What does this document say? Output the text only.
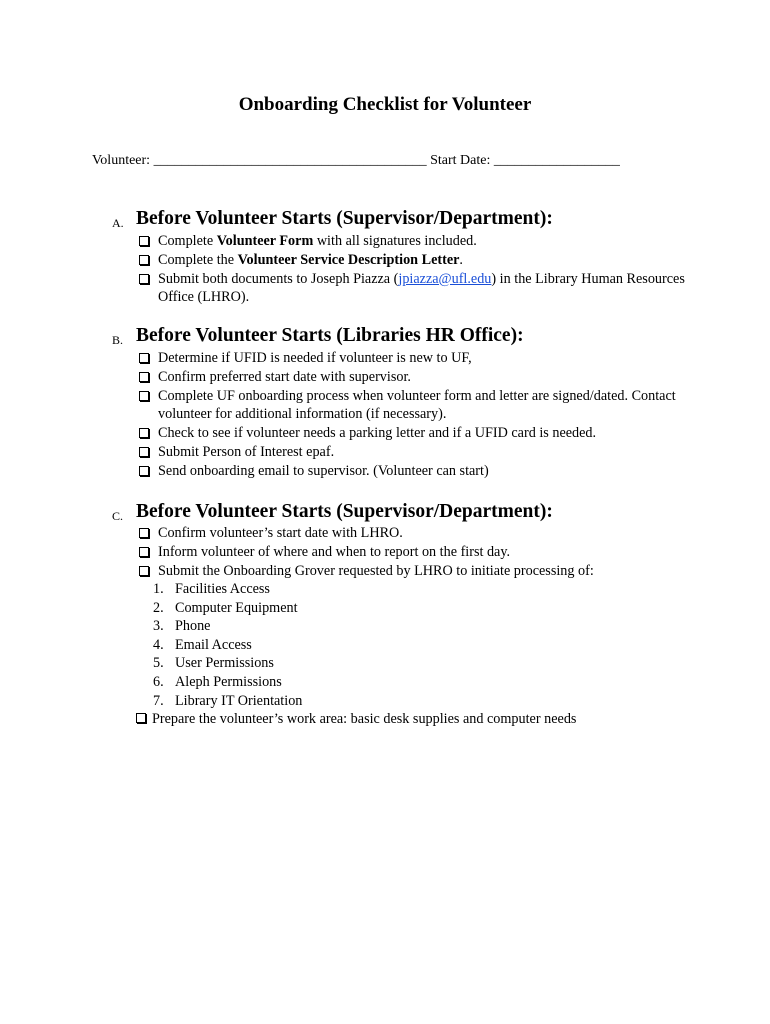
Onboarding Checklist for Volunteer
Volunteer: _______________________________________ Start Date: __________________
A. Before Volunteer Starts (Supervisor/Department):
Complete Volunteer Form with all signatures included.
Complete the Volunteer Service Description Letter.
Submit both documents to Joseph Piazza (jpiazza@ufl.edu) in the Library Human Resources Office (LHRO).
B. Before Volunteer Starts (Libraries HR Office):
Determine if UFID is needed if volunteer is new to UF,
Confirm preferred start date with supervisor.
Complete UF onboarding process when volunteer form and letter are signed/dated. Contact volunteer for additional information (if necessary).
Check to see if volunteer needs a parking letter and if a UFID card is needed.
Submit Person of Interest epaf.
Send onboarding email to supervisor. (Volunteer can start)
C. Before Volunteer Starts (Supervisor/Department):
Confirm volunteer’s start date with LHRO.
Inform volunteer of where and when to report on the first day.
Submit the Onboarding Grover requested by LHRO to initiate processing of:
1. Facilities Access
2. Computer Equipment
3. Phone
4. Email Access
5. User Permissions
6. Aleph Permissions
7. Library IT Orientation
Prepare the volunteer’s work area: basic desk supplies and computer needs
